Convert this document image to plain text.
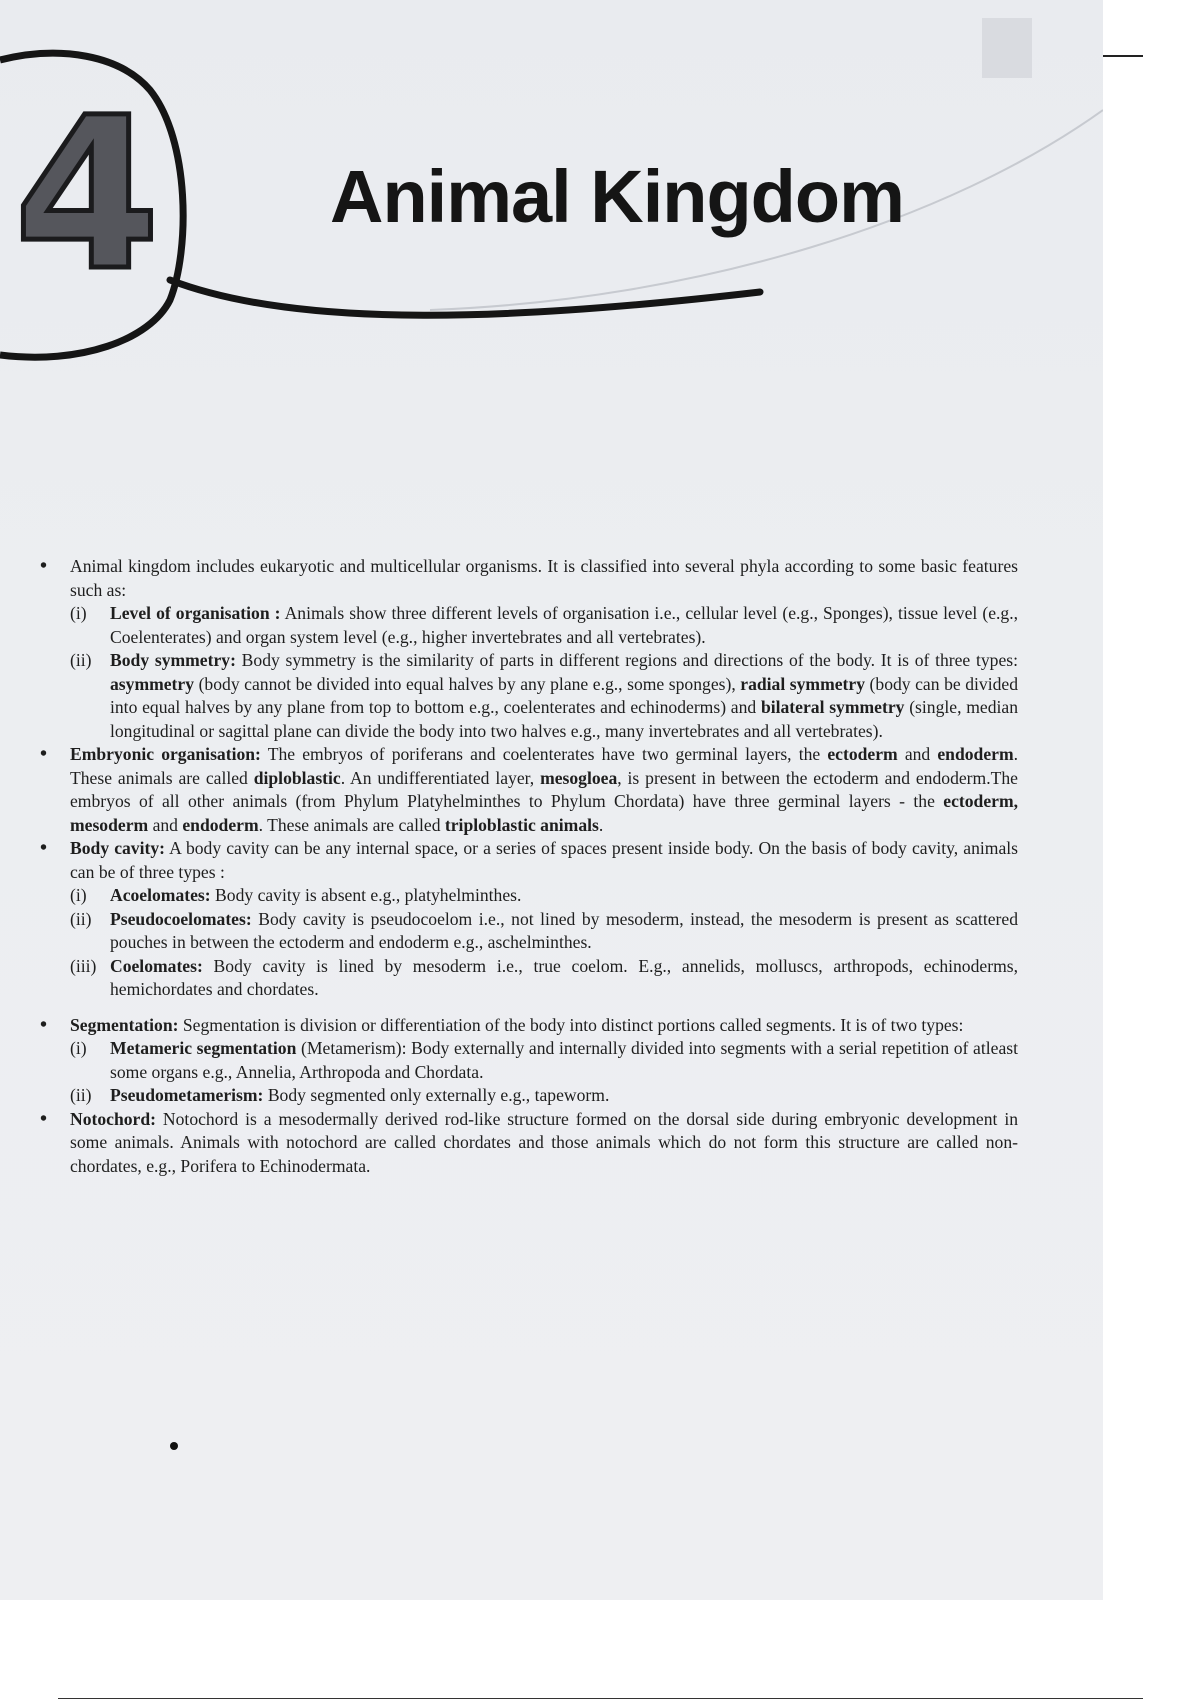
4 Animal Kingdom
• Animal kingdom includes eukaryotic and multicellular organisms. It is classified into several phyla according to some basic features such as:
(i) Level of organisation : Animals show three different levels of organisation i.e., cellular level (e.g., Sponges), tissue level (e.g., Coelenterates) and organ system level (e.g., higher invertebrates and all vertebrates).
(ii) Body symmetry: Body symmetry is the similarity of parts in different regions and directions of the body. It is of three types: asymmetry (body cannot be divided into equal halves by any plane e.g., some sponges), radial symmetry (body can be divided into equal halves by any plane from top to bottom e.g., coelenterates and echinoderms) and bilateral symmetry (single, median longitudinal or sagittal plane can divide the body into two halves e.g., many invertebrates and all vertebrates).
• Embryonic organisation: The embryos of poriferans and coelenterates have two germinal layers, the ectoderm and endoderm. These animals are called diploblastic. An undifferentiated layer, mesogloea, is present in between the ectoderm and endoderm.The embryos of all other animals (from Phylum Platyhelminthes to Phylum Chordata) have three germinal layers - the ectoderm, mesoderm and endoderm. These animals are called triploblastic animals.
• Body cavity: A body cavity can be any internal space, or a series of spaces present inside body. On the basis of body cavity, animals can be of three types :
(i) Acoelomates: Body cavity is absent e.g., platyhelminthes.
(ii) Pseudocoelomates: Body cavity is pseudocoelom i.e., not lined by mesoderm, instead, the mesoderm is present as scattered pouches in between the ectoderm and endoderm e.g., aschelminthes.
(iii) Coelomates: Body cavity is lined by mesoderm i.e., true coelom. E.g., annelids, molluscs, arthropods, echinoderms, hemichordates and chordates.
• Segmentation: Segmentation is division or differentiation of the body into distinct portions called segments. It is of two types:
(i) Metameric segmentation (Metamerism): Body externally and internally divided into segments with a serial repetition of atleast some organs e.g., Annelia, Arthropoda and Chordata.
(ii) Pseudometamerism: Body segmented only externally e.g., tapeworm.
• Notochord: Notochord is a mesodermally derived rod-like structure formed on the dorsal side during embryonic development in some animals. Animals with notochord are called chordates and those animals which do not form this structure are called non-chordates, e.g., Porifera to Echinodermata.
